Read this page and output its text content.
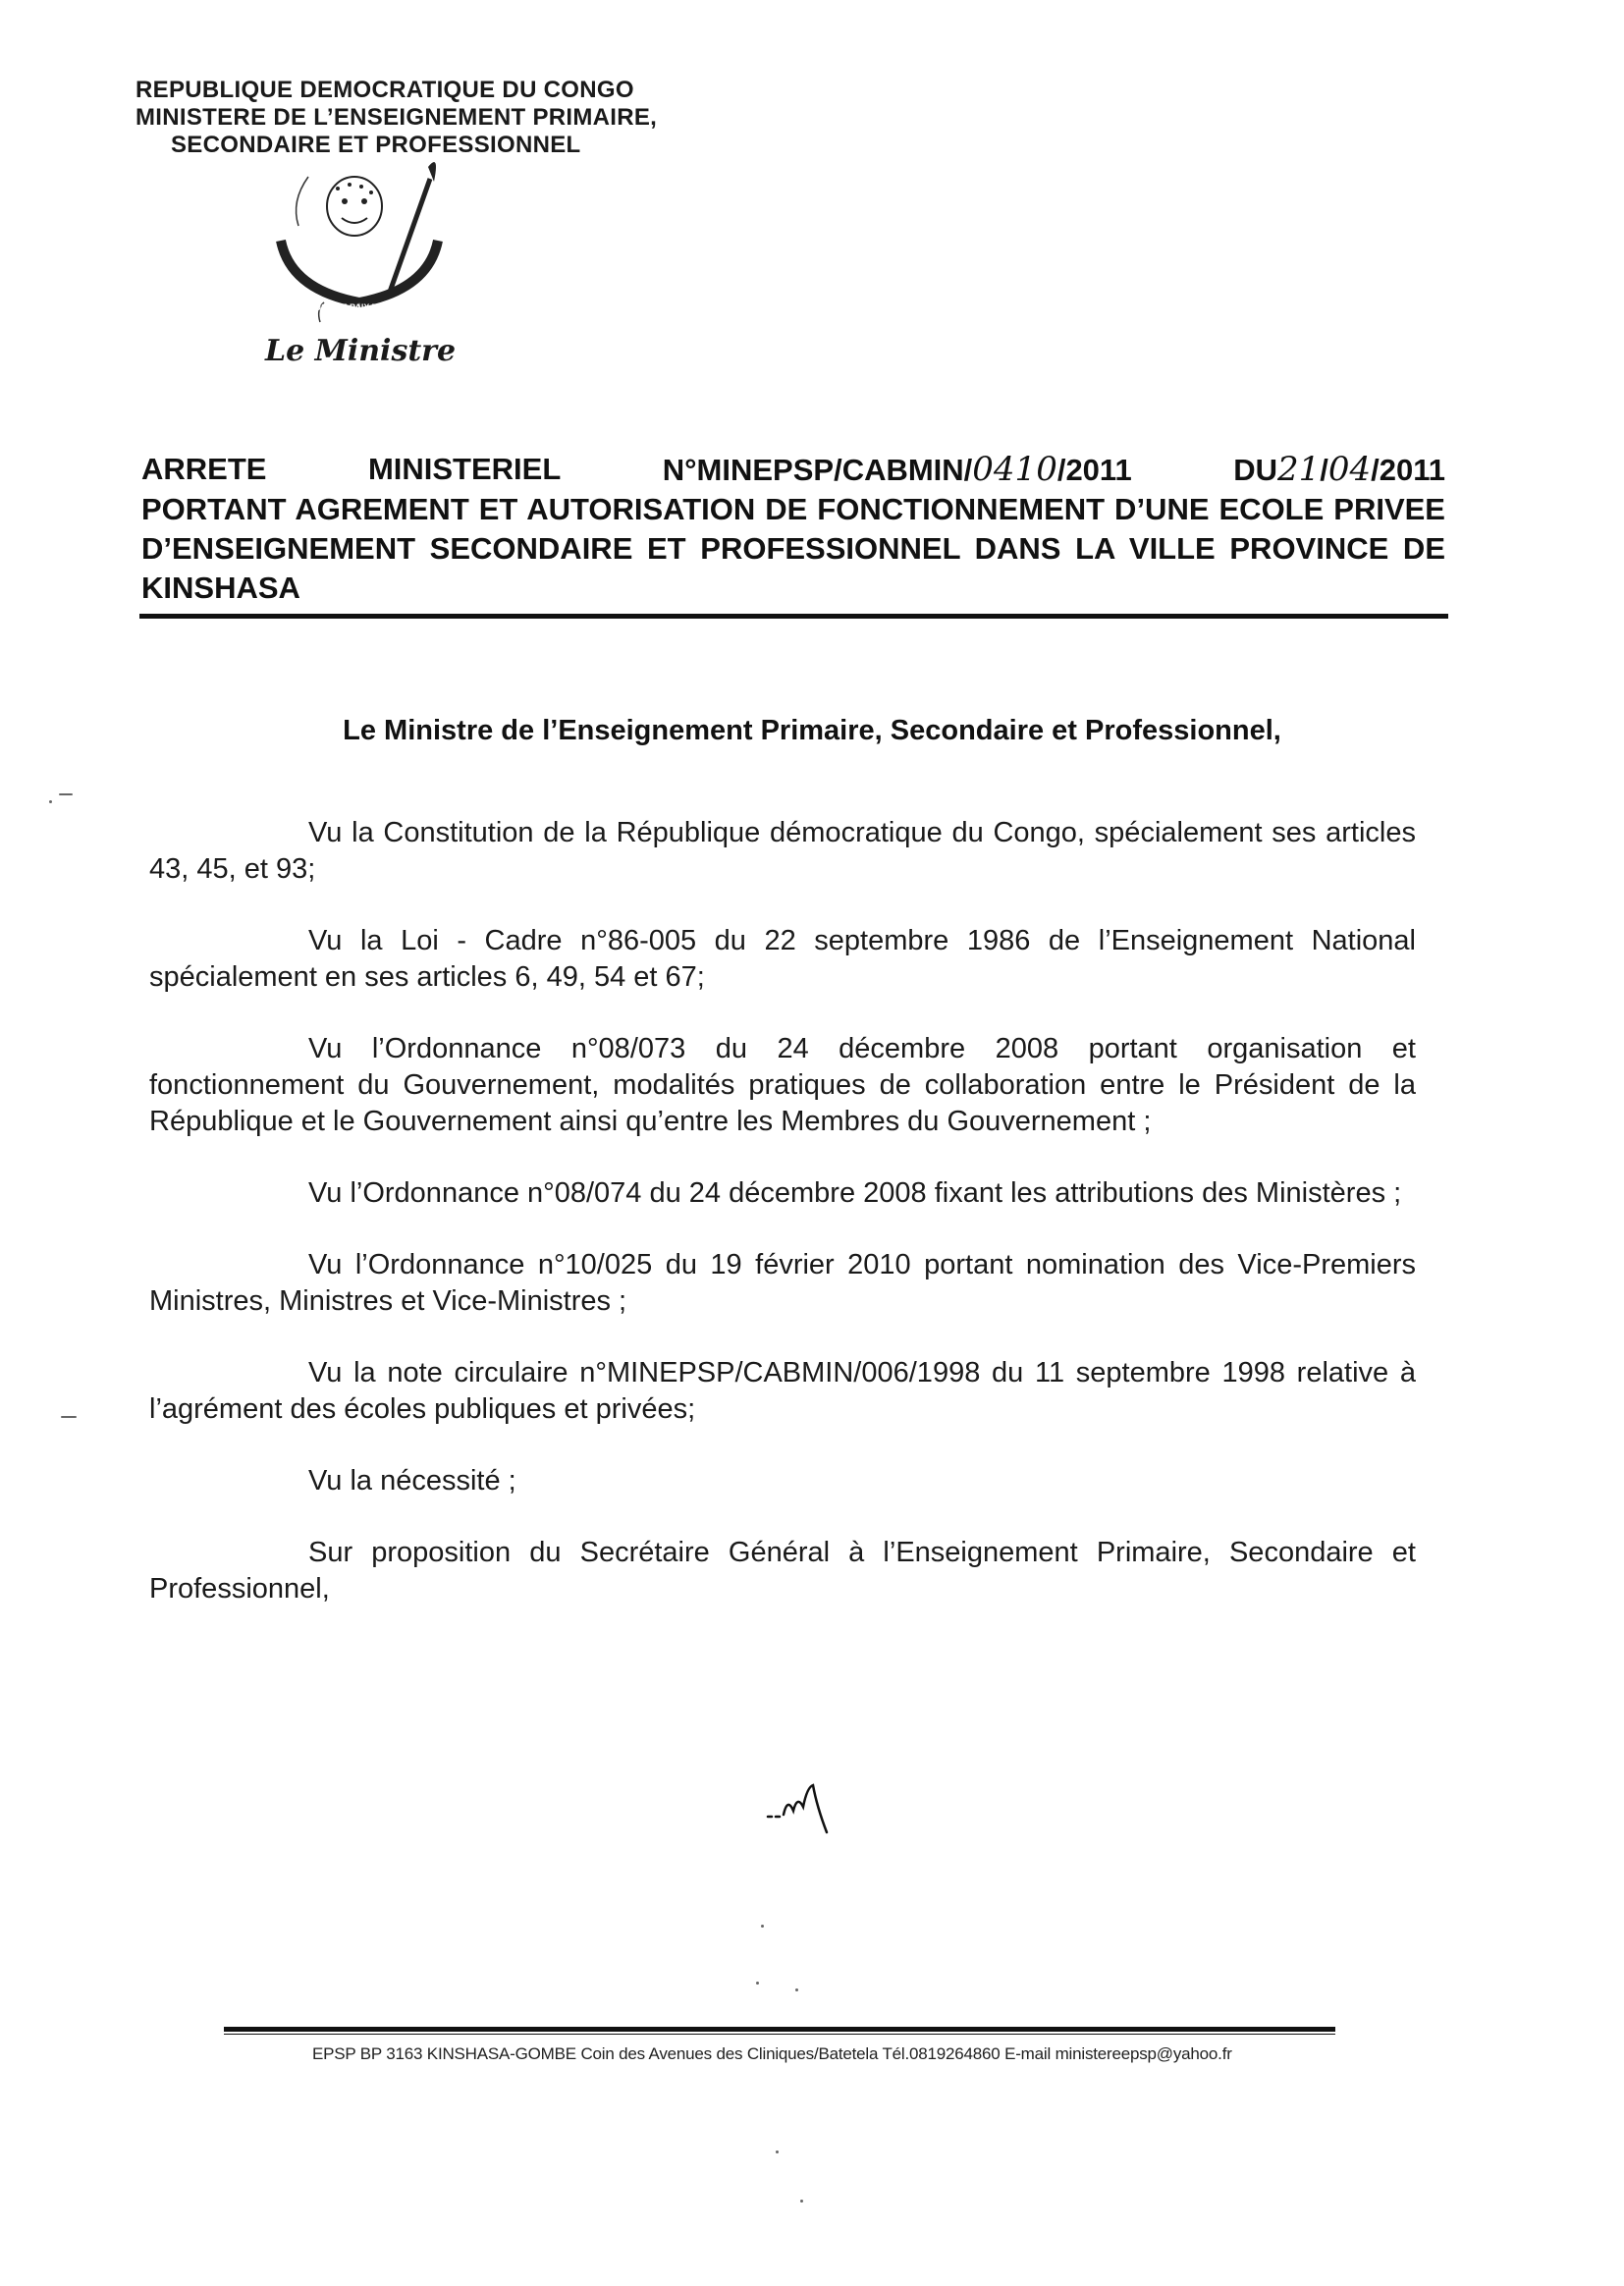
REPUBLIQUE DEMOCRATIQUE DU CONGO
MINISTERE DE L’ENSEIGNEMENT PRIMAIRE,
SECONDAIRE ET PROFESSIONNEL
JUSTICE PAIX TRAVAIL
Le Ministre
ARRETE	MINISTERIEL	N°MINEPSP/CABMIN/0410/2011	DU21/04/2011
PORTANT AGREMENT ET AUTORISATION DE FONCTIONNEMENT D’UNE ECOLE PRIVEE D’ENSEIGNEMENT SECONDAIRE ET PROFESSIONNEL DANS LA VILLE PROVINCE DE KINSHASA
Le Ministre de l’Enseignement Primaire, Secondaire et Professionnel,

Vu la Constitution de la République démocratique du Congo, spécialement ses articles 43, 45, et 93;

Vu la Loi - Cadre n°86-005 du 22 septembre 1986 de l’Enseignement National spécialement en ses articles 6, 49, 54 et 67;

Vu l’Ordonnance n°08/073 du 24 décembre 2008 portant organisation et fonctionnement du Gouvernement, modalités pratiques de collaboration entre le Président de la République et le Gouvernement ainsi qu’entre les Membres du Gouvernement ;

Vu l’Ordonnance n°08/074 du 24 décembre 2008 fixant les attributions des Ministères ;

Vu l’Ordonnance n°10/025 du 19 février 2010 portant nomination des Vice-Premiers Ministres, Ministres et Vice-Ministres ;

Vu la note circulaire n°MINEPSP/CABMIN/006/1998 du 11 septembre 1998 relative à l’agrément des écoles publiques et privées;

Vu la nécessité ;

Sur proposition du Secrétaire Général à l’Enseignement Primaire, Secondaire et Professionnel,

EPSP BP 3163 KINSHASA-GOMBE Coin des Avenues des Cliniques/Batetela Tél.0819264860 E-mail ministereepsp@yahoo.fr
